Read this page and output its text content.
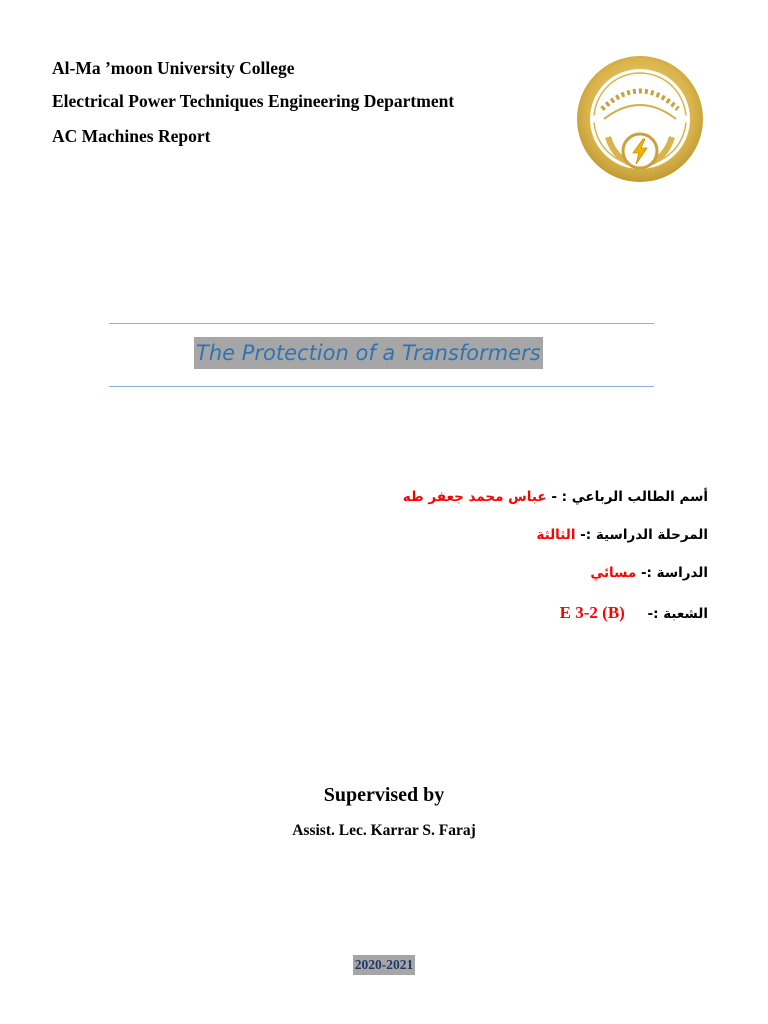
Al-Ma ’moon University College
Electrical Power Techniques Engineering Department
AC Machines Report
The Protection of a Transformers
أسم الطالب الرباعي : - عباس محمد جعفر طه
المرحلة الدراسية :- الثالثة
الدراسة :- مسائي
الشعبة :- E 3-2 (B)
Supervised by
Assist. Lec. Karrar S. Faraj
2020-2021
